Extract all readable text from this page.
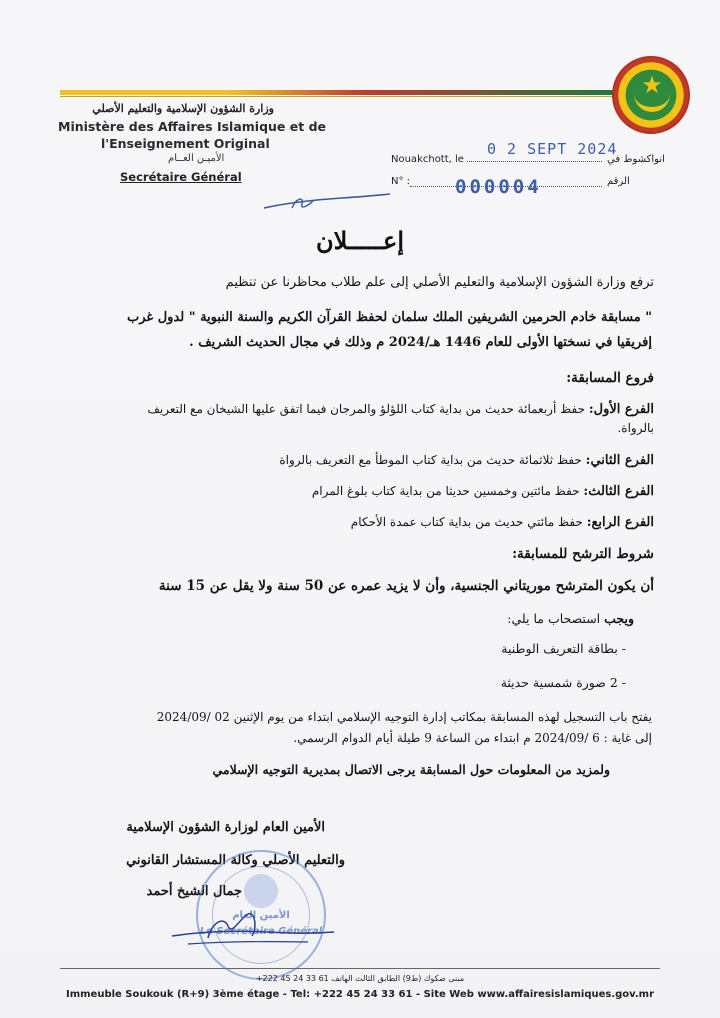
★
وزارة الشؤون الإسلامية والتعليم الأصلي
Ministère des Affaires Islamique et de
l'Enseignement Original
الأميـن العــام
Secrétaire Général
Nouakchott, le
0 2 SEPT 2024
انواكشوط في
N° : 000004	الرقم
إعـــــلان
ترفع وزارة الشؤون الإسلامية والتعليم الأصلي إلى علم طلاب محاظرنا عن تنظيم
" مسابقة خادم الحرمين الشريفين الملك سلمان لحفظ القرآن الكريم والسنة النبوية " لدول غرب
إفريقيا في نسختها الأولى للعام 1446 هـ/2024 م وذلك في مجال الحديث الشريف .
فروع المسابقة:
الفرع الأول: حفظ أربعمائة حديث من بداية كتاب اللؤلؤ والمرجان فيما اتفق عليها الشيخان مع التعريف
بالرواة.
الفرع الثاني: حفظ ثلاثمائة حديث من بداية كتاب الموطأ مع التعريف بالرواة
الفرع الثالث: حفظ مائتين وخمسين حديثا من بداية كتاب بلوغ المرام
الفرع الرابع: حفظ مائتي حديث من بداية كتاب عمدة الأحكام
شروط الترشح للمسابقة:
أن يكون المترشح موريتاني الجنسية، وأن لا يزيد عمره عن 50 سنة ولا يقل عن 15 سنة
ويجب استصحاب ما يلي:
- بطاقة التعريف الوطنية
- 2 صورة شمسية حديثة
يفتح باب التسجيل لهذه المسابقة بمكاتب إدارة التوجيه الإسلامي ابتداء من يوم الإثنين 02 /2024/09
إلى غاية : 6 /2024/09 م ابتداء من الساعة 9 طيلة أيام الدوام الرسمي.
ولمزيد من المعلومات حول المسابقة يرجى الاتصال بمديرية التوجيه الإسلامي
الأمين العام لوزارة الشؤون الإسلامية
والتعليم الأصلي وكالة المستشار القانوني
جمال الشيخ أحمد
الأمين العام
Le Secrétaire Général
مبنى صكوك (ط9) الطابق الثالث الهاتف 61 33 24 45 222+
Immeuble Soukouk (R+9) 3ème étage - Tel: +222 45 24 33 61 - Site Web www.affairesislamiques.gov.mr
